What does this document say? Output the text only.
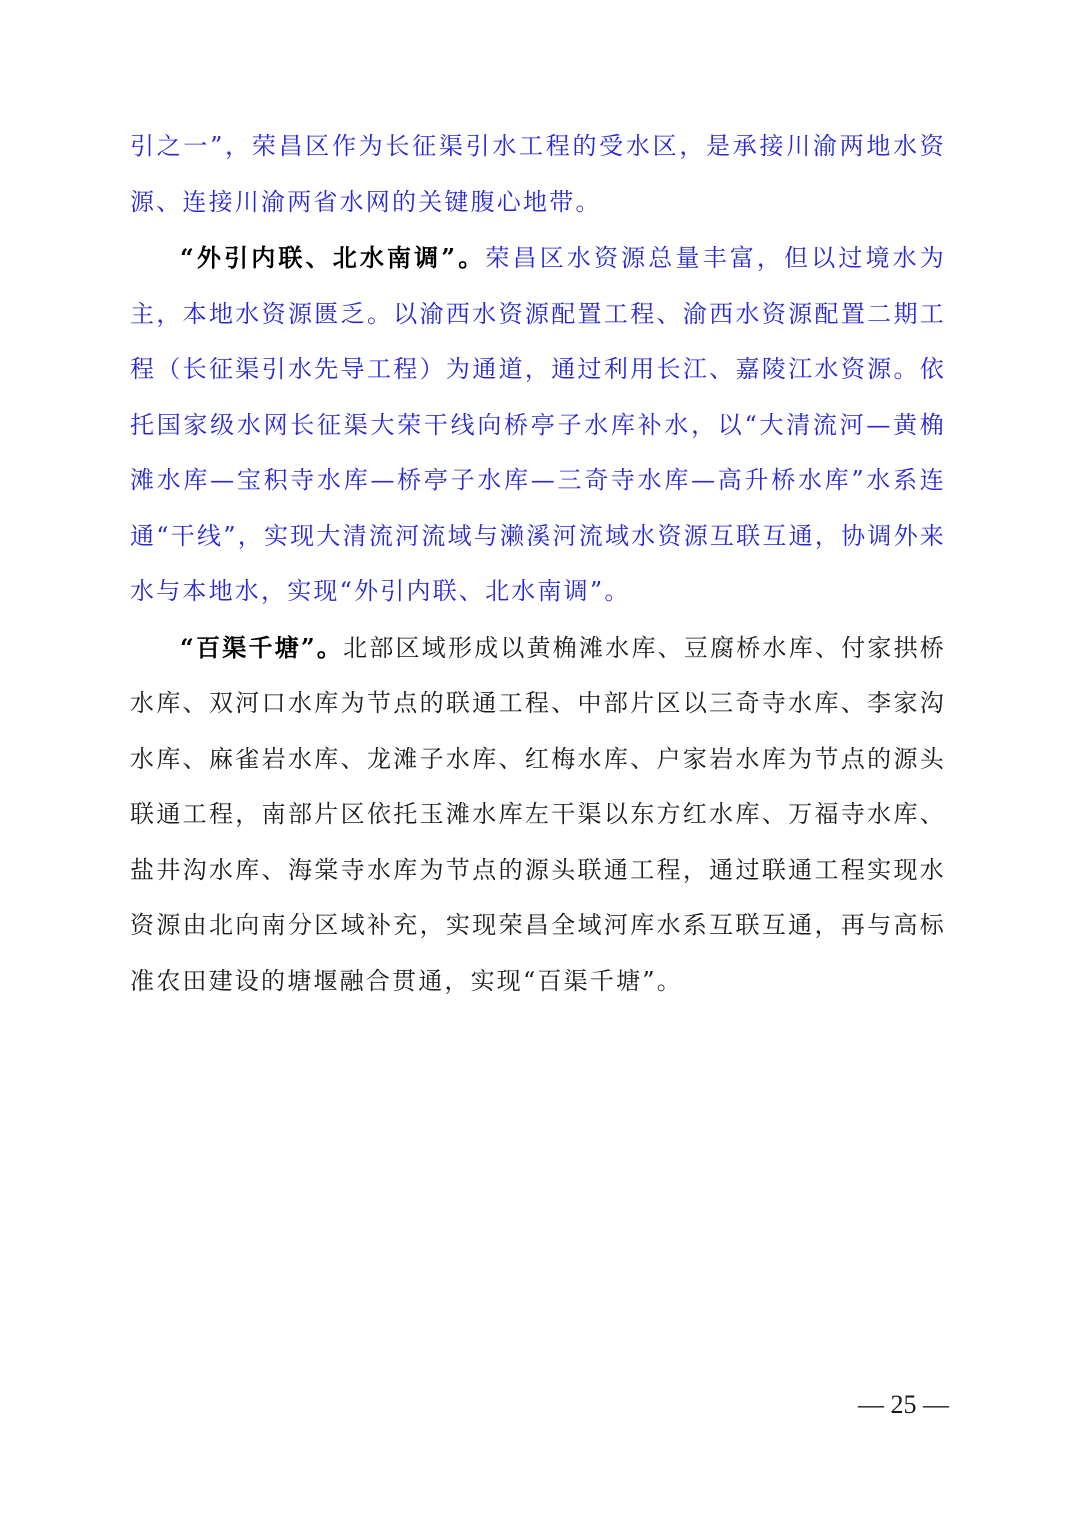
引之一”，荣昌区作为长征渠引水工程的受水区，是承接川渝两地水资源、连接川渝两省水网的关键腹心地带。

“外引内联、北水南调”。荣昌区水资源总量丰富，但以过境水为主，本地水资源匮乏。以渝西水资源配置工程、渝西水资源配置二期工程（长征渠引水先导工程）为通道，通过利用长江、嘉陵江水资源。依托国家级水网长征渠大荣干线向桥亭子水库补水，以“大清流河—黄桷滩水库—宝积寺水库—桥亭子水库—三奇寺水库—高升桥水库”水系连通“干线”，实现大清流河流域与濑溪河流域水资源互联互通，协调外来水与本地水，实现“外引内联、北水南调”。

“百渠千塘”。北部区域形成以黄桷滩水库、豆腐桥水库、付家拱桥水库、双河口水库为节点的联通工程、中部片区以三奇寺水库、李家沟水库、麻雀岩水库、龙滩子水库、红梅水库、户家岩水库为节点的源头联通工程，南部片区依托玉滩水库左干渠以东方红水库、万福寺水库、盐井沟水库、海棠寺水库为节点的源头联通工程，通过联通工程实现水资源由北向南分区域补充，实现荣昌全域河库水系互联互通，再与高标准农田建设的塘堰融合贯通，实现“百渠千塘”。

— 25 —
